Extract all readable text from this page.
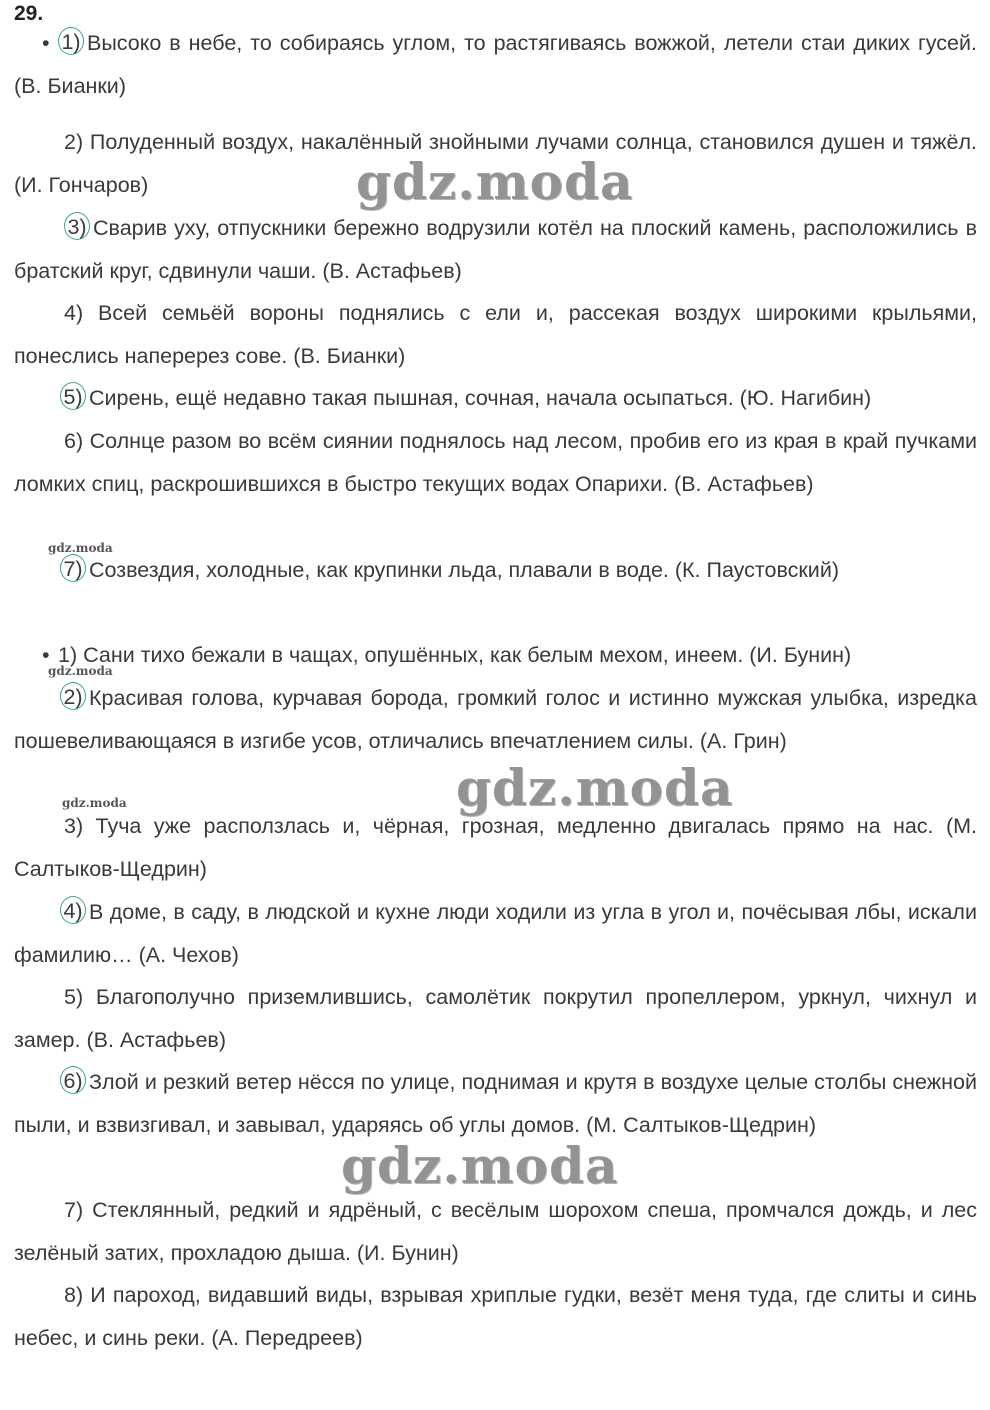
29.

• 1) Высоко в небе, то собираясь углом, то растягиваясь вожжой, летели стаи диких гусей. (В. Бианки)

2) Полуденный воздух, накалённый знойными лучами солнца, становился душен и тяжёл. (И. Гончаров)

3) Сварив уху, отпускники бережно водрузили котёл на плоский камень, расположились в братский круг, сдвинули чаши. (В. Астафьев)

4) Всей семьёй вороны поднялись с ели и, рассекая воздух широкими крыльями, понеслись наперерез сове. (В. Бианки)

5) Сирень, ещё недавно такая пышная, сочная, начала осыпаться. (Ю. Нагибин)

6) Солнце разом во всём сиянии поднялось над лесом, пробив его из края в край пучками ломких спиц, раскрошившихся в быстро текущих водах Опарихи. (В. Астафьев)

7) Созвездия, холодные, как крупинки льда, плавали в воде. (К. Паустовский)

• 1) Сани тихо бежали в чащах, опушённых, как белым мехом, инеем. (И. Бунин)

2) Красивая голова, курчавая борода, громкий голос и истинно мужская улыбка, изредка пошевеливающаяся в изгибе усов, отличались впечатлением силы. (А. Грин)

3) Туча уже расползлась и, чёрная, грозная, медленно двигалась прямо на нас. (М. Салтыков-Щедрин)

4) В доме, в саду, в людской и кухне люди ходили из угла в угол и, почёсывая лбы, искали фамилию… (А. Чехов)

5) Благополучно приземлившись, самолётик покрутил пропеллером, уркнул, чихнул и замер. (В. Астафьев)

6) Злой и резкий ветер нёсся по улице, поднимая и крутя в воздухе целые столбы снежной пыли, и взвизгивал, и завывал, ударяясь об углы домов. (М. Салтыков-Щедрин)

7) Стеклянный, редкий и ядрёный, с весёлым шорохом спеша, промчался дождь, и лес зелёный затих, прохладою дыша. (И. Бунин)

8) И пароход, видавший виды, взрывая хриплые гудки, везёт меня туда, где слиты и синь небес, и синь реки. (А. Передреев)

gdz.moda
gdz.moda
gdz.moda
gdz.moda
gdz.moda
gdz.moda
